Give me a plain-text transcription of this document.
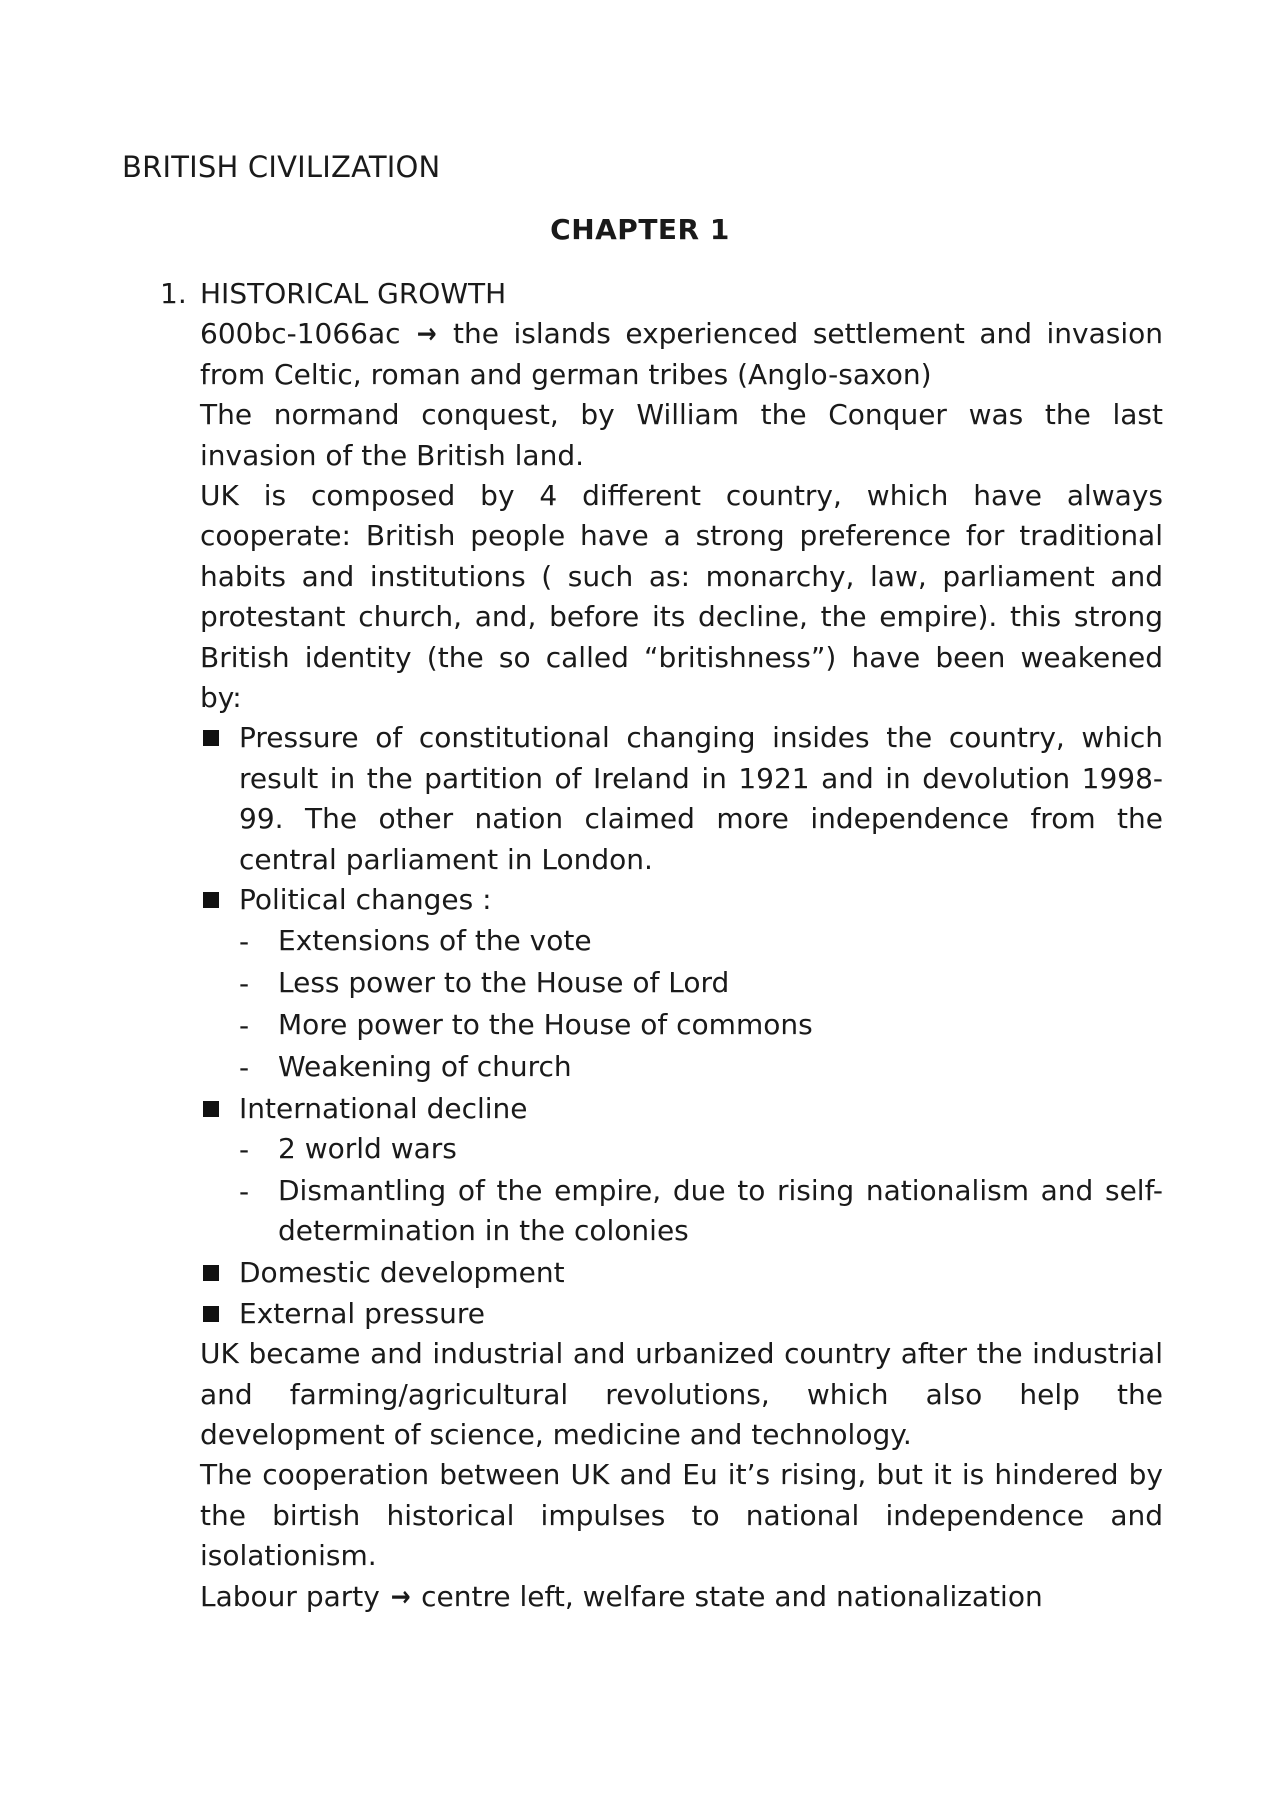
BRITISH CIVILIZATION
CHAPTER 1
1. HISTORICAL GROWTH

600bc-1066ac → the islands experienced settlement and invasion from Celtic, roman and german tribes (Anglo-saxon)

The normand conquest, by William the Conquer was the last invasion of the British land.

UK is composed by 4 different country, which have always cooperate: British people have a strong preference for traditional habits and institutions ( such as: monarchy, law, parliament and protestant church, and, before its decline, the empire). this strong British identity (the so called “britishness”) have been weakened by:

Pressure of constitutional changing insides the country, which result in the partition of Ireland in 1921 and in devolution 1998-99. The other nation claimed more independence from the central parliament in London.

Political changes :

- Extensions of the vote
- Less power to the House of Lord
- More power to the House of commons
- Weakening of church

International decline

- 2 world wars
- Dismantling of the empire, due to rising nationalism and self-determination in the colonies

Domestic development

External pressure

UK became and industrial and urbanized country after the industrial and farming/agricultural revolutions, which also help the development of science, medicine and technology.

The cooperation between UK and Eu it’s rising, but it is hindered by the birtish historical impulses to national independence and isolationism.

Labour party → centre left, welfare state and nationalization
